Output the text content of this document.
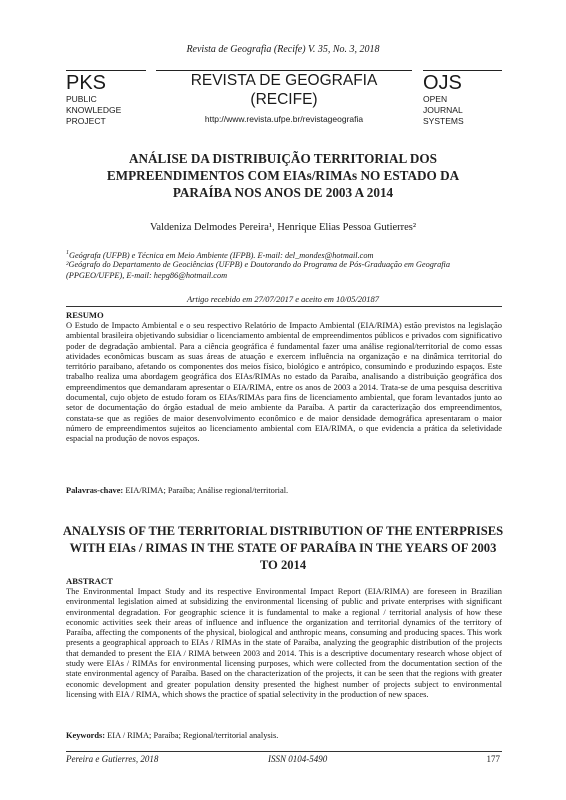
Revista de Geografia (Recife) V. 35, No. 3, 2018
PKS
PUBLIC
KNOWLEDGE
PROJECT
REVISTA DE GEOGRAFIA
(RECIFE)
http://www.revista.ufpe.br/revistageografia
OJS
OPEN
JOURNAL
SYSTEMS
ANÁLISE DA DISTRIBUIÇÃO TERRITORIAL DOS EMPREENDIMENTOS COM EIAs/RIMAs NO ESTADO DA PARAÍBA NOS ANOS DE 2003 A 2014
Valdeniza Delmodes Pereira¹, Henrique Elias Pessoa Gutierres²
$^1$Geógrafa (UFPB) e Técnica em Meio Ambiente (IFPB). E-mail: del_mondes@hotmail.com
²Geógrafo do Departamento de Geociências (UFPB) e Doutorando do Programa de Pós-Graduação em Geografia (PPGEO/UFPE), E-mail: hepg86@hotmail.com
Artigo recebido em 27/07/2017 e aceito em 10/05/20187
RESUMO
O Estudo de Impacto Ambiental e o seu respectivo Relatório de Impacto Ambiental (EIA/RIMA) estão previstos na legislação ambiental brasileira objetivando subsidiar o licenciamento ambiental de empreendimentos públicos e privados com significativo poder de degradação ambiental. Para a ciência geográfica é fundamental fazer uma análise regional/territorial de como essas atividades econômicas buscam as suas áreas de atuação e exercem influência na organização e na dinâmica territorial do território paraibano, afetando os componentes dos meios físico, biológico e antrópico, consumindo e produzindo espaços. Este trabalho realiza uma abordagem geográfica dos EIAs/RIMAs no estado da Paraíba, analisando a distribuição geográfica dos empreendimentos que demandaram apresentar o EIA/RIMA, entre os anos de 2003 a 2014. Trata-se de uma pesquisa descritiva documental, cujo objeto de estudo foram os EIAs/RIMAs para fins de licenciamento ambiental, que foram levantados junto ao setor de documentação do órgão estadual de meio ambiente da Paraíba. A partir da caracterização dos empreendimentos, constata-se que as regiões de maior desenvolvimento econômico e de maior densidade demográfica apresentaram o maior número de empreendimentos sujeitos ao licenciamento ambiental com EIA/RIMA, o que evidencia a prática da seletividade espacial na produção de novos espaços.
Palavras-chave: EIA/RIMA; Paraíba; Análise regional/territorial.
ANALYSIS OF THE TERRITORIAL DISTRIBUTION OF THE ENTERPRISES WITH EIAs / RIMAS IN THE STATE OF PARAÍBA IN THE YEARS OF 2003 TO 2014
ABSTRACT
The Environmental Impact Study and its respective Environmental Impact Report (EIA/RIMA) are foreseen in Brazilian environmental legislation aimed at subsidizing the environmental licensing of public and private enterprises with significant environmental degradation. For geographic science it is fundamental to make a regional / territorial analysis of how these economic activities seek their areas of influence and influence the organization and territorial dynamics of the territory of Paraíba, affecting the components of the physical, biological and anthropic means, consuming and producing spaces. This work presents a geographical approach to EIAs / RIMAs in the state of Paraíba, analyzing the geographic distribution of the projects that demanded to present the EIA / RIMA between 2003 and 2014. This is a descriptive documentary research whose object of study were EIAs / RIMAs for environmental licensing purposes, which were collected from the documentation section of the state environmental agency of Paraíba. Based on the characterization of the projects, it can be seen that the regions with greater economic development and greater population density presented the highest number of projects subject to environmental licensing with EIA / RIMA, which shows the practice of spatial selectivity in the production of new spaces.
Keywords: EIA / RIMA; Paraíba; Regional/territorial analysis.
Pereira e Gutierres, 2018	ISSN 0104-5490	177
